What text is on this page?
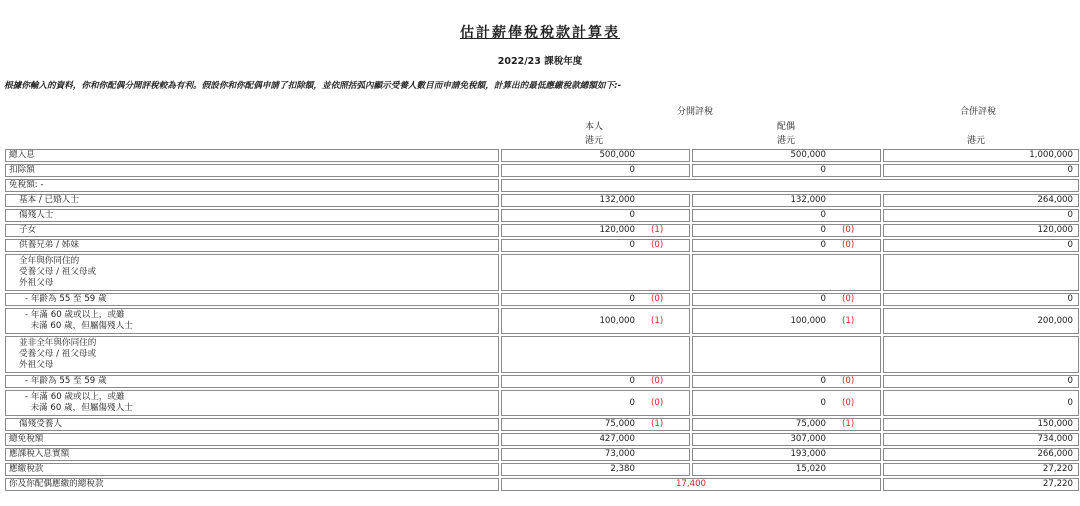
估計薪俸稅稅款計算表
2022/23 課稅年度
根據你輸入的資料，你和你配偶分開評稅較為有利。假設你和你配偶申請了扣除額，並依照括弧內顯示受養人數目而申請免稅額，計算出的最低應繳稅款總額如下:-
分開評稅	合併評稅
本人	配偶
港元	港元	港元
總入息	500,000	500,000	1,000,000
扣除額	0	0	0
免稅額: -			
基本 / 已婚人士	132,000	132,000	264,000
傷殘人士	0	0	0
子女	120,000 (1)	0 (0)	120,000
供養兄弟 / 姊妹	0 (0)	0 (0)	0
全年與你同住的
受養父母 / 祖父母或
外祖父母			
- 年齡為 55 至 59 歲	0 (0)	0 (0)	0
- 年滿 60 歲或以上，或雖
未滿 60 歲，但屬傷殘人士	100,000 (1)	100,000 (1)	200,000
並非全年與你同住的
受養父母 / 祖父母或
外祖父母			
- 年齡為 55 至 59 歲	0 (0)	0 (0)	0
- 年滿 60 歲或以上，或雖
未滿 60 歲，但屬傷殘人士	0 (0)	0 (0)	0
傷殘受養人	75,000 (1)	75,000 (1)	150,000
總免稅額	427,000	307,000	734,000
應課稅入息實額	73,000	193,000	266,000
應繳稅款	2,380	15,020	27,220
你及你配偶應繳的總稅款	17,400		27,220
